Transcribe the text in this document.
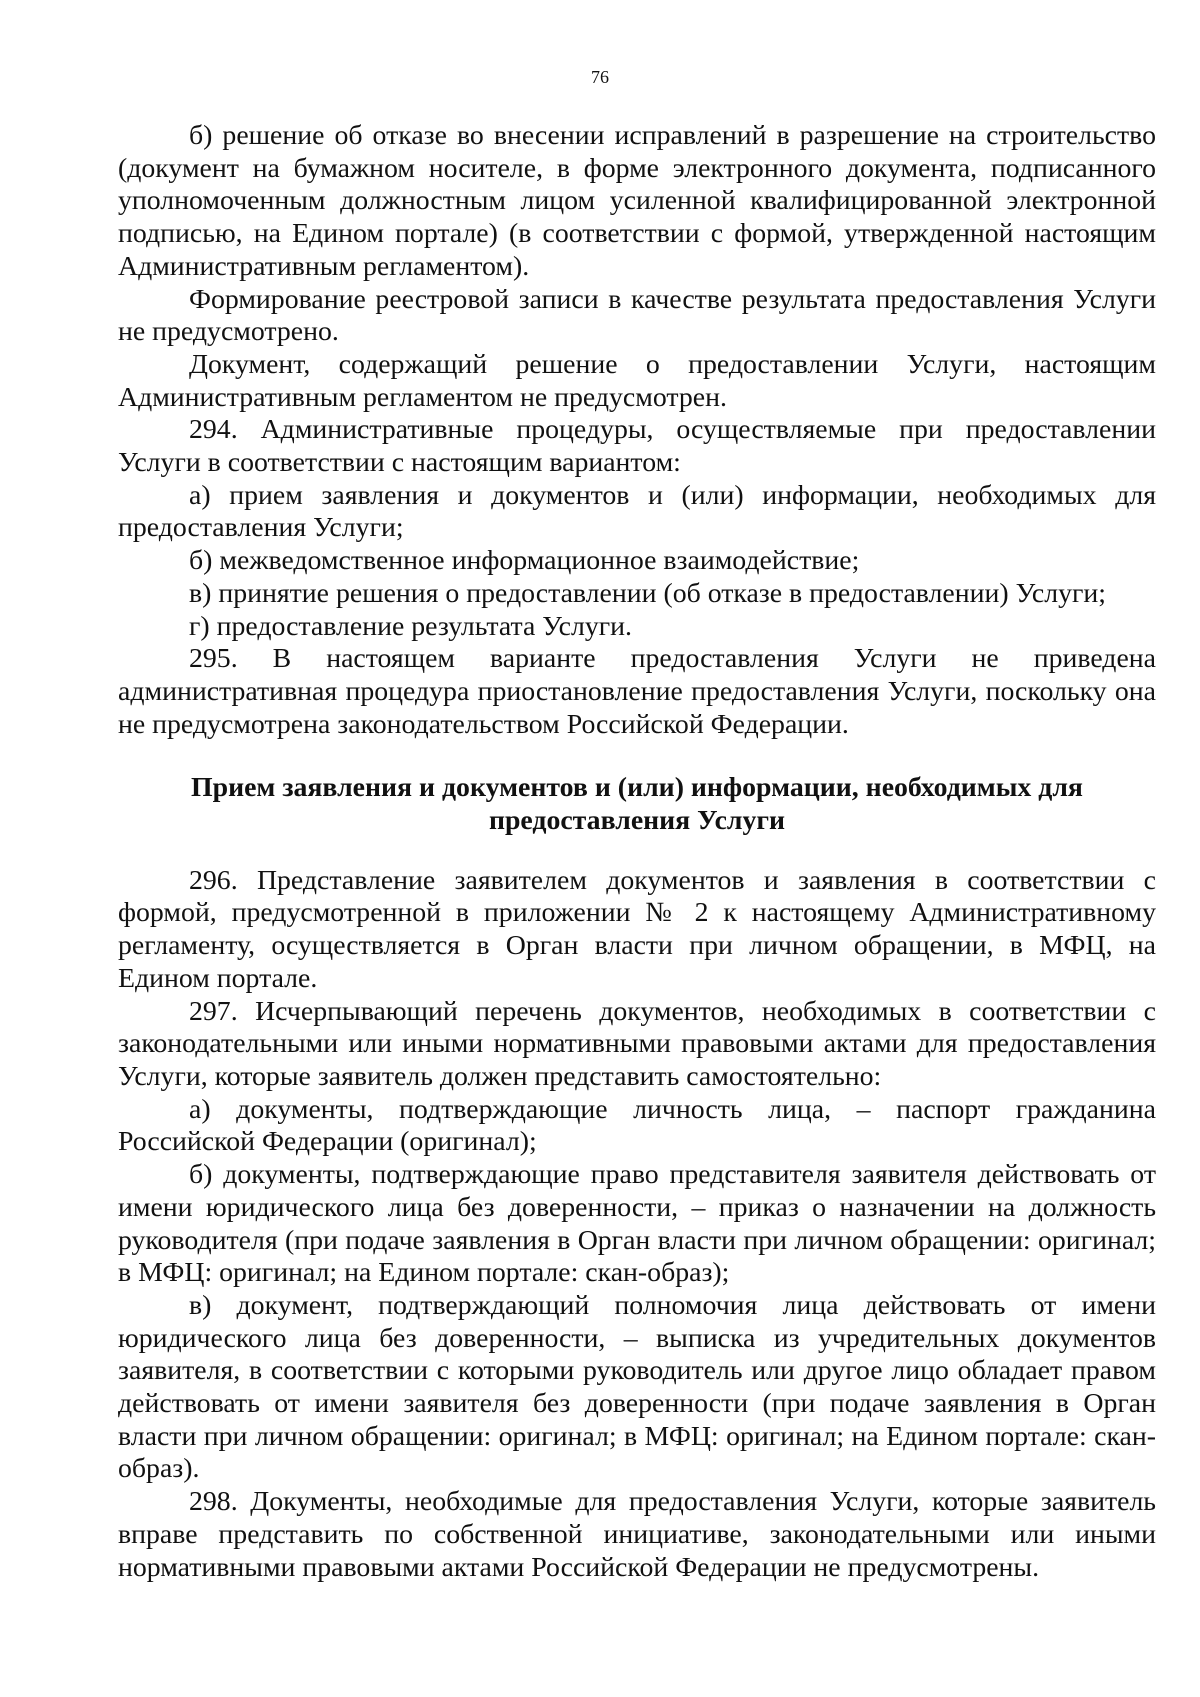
76

б) решение об отказе во внесении исправлений в разрешение на строительство (документ на бумажном носителе, в форме электронного документа, подписанного уполномоченным должностным лицом усиленной квалифицированной электронной подписью, на Едином портале) (в соответствии с формой, утвержденной настоящим Административным регламентом).

Формирование реестровой записи в качестве результата предоставления Услуги не предусмотрено.

Документ, содержащий решение о предоставлении Услуги, настоящим Административным регламентом не предусмотрен.

294. Административные процедуры, осуществляемые при предоставлении Услуги в соответствии с настоящим вариантом:

а) прием заявления и документов и (или) информации, необходимых для предоставления Услуги;

б) межведомственное информационное взаимодействие;

в) принятие решения о предоставлении (об отказе в предоставлении) Услуги;

г) предоставление результата Услуги.

295. В настоящем варианте предоставления Услуги не приведена административная процедура приостановление предоставления Услуги, поскольку она не предусмотрена законодательством Российской Федерации.

Прием заявления и документов и (или) информации, необходимых для предоставления Услуги

296. Представление заявителем документов и заявления в соответствии с формой, предусмотренной в приложении № 2 к настоящему Административному регламенту, осуществляется в Орган власти при личном обращении, в МФЦ, на Едином портале.

297. Исчерпывающий перечень документов, необходимых в соответствии с законодательными или иными нормативными правовыми актами для предоставления Услуги, которые заявитель должен представить самостоятельно:

а) документы, подтверждающие личность лица, – паспорт гражданина Российской Федерации (оригинал);

б) документы, подтверждающие право представителя заявителя действовать от имени юридического лица без доверенности, – приказ о назначении на должность руководителя (при подаче заявления в Орган власти при личном обращении: оригинал; в МФЦ: оригинал; на Едином портале: скан-образ);

в) документ, подтверждающий полномочия лица действовать от имени юридического лица без доверенности, – выписка из учредительных документов заявителя, в соответствии с которыми руководитель или другое лицо обладает правом действовать от имени заявителя без доверенности (при подаче заявления в Орган власти при личном обращении: оригинал; в МФЦ: оригинал; на Едином портале: скан-образ).

298. Документы, необходимые для предоставления Услуги, которые заявитель вправе представить по собственной инициативе, законодательными или иными нормативными правовыми актами Российской Федерации не предусмотрены.
